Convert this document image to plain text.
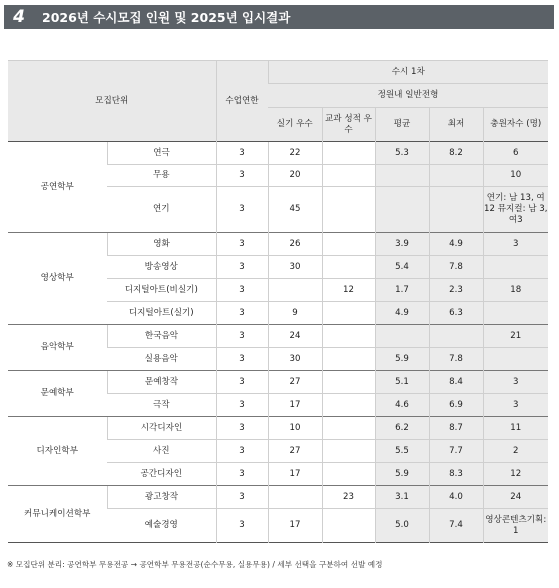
4	2026년 수시모집 인원 및 2025년 입시결과
모집단위		수업연한	수시 1차				
			정원내 일반전형				
			실기 우수	교과 성적 우수	평균	최저	충원자수 (명)
공연학부	연극	3	22		5.3	8.2	6
	무용	3	20				10
	연기	3	45				연기: 남 13, 여 12 뮤지컬: 남 3, 여3
영상학부	영화	3	26		3.9	4.9	3
	방송영상	3	30		5.4	7.8	
	디지털아트(비실기)	3		12	1.7	2.3	18
	디지털아트(실기)	3	9		4.9	6.3	
음악학부	한국음악	3	24				21
	실용음악	3	30		5.9	7.8	
문예학부	문예창작	3	27		5.1	8.4	3
	극작	3	17		4.6	6.9	3
디자인학부	시각디자인	3	10		6.2	8.7	11
	사진	3	27		5.5	7.7	2
	공간디자인	3	17		5.9	8.3	12
커뮤니케이션학부	광고창작	3		23	3.1	4.0	24
	예술경영	3	17		5.0	7.4	영상콘텐츠기획: 1
※ 모집단위 분리: 공연학부 무용전공 → 공연학부 무용전공(순수무용, 실용무용) / 세부 선택을 구분하여 선발 예정
